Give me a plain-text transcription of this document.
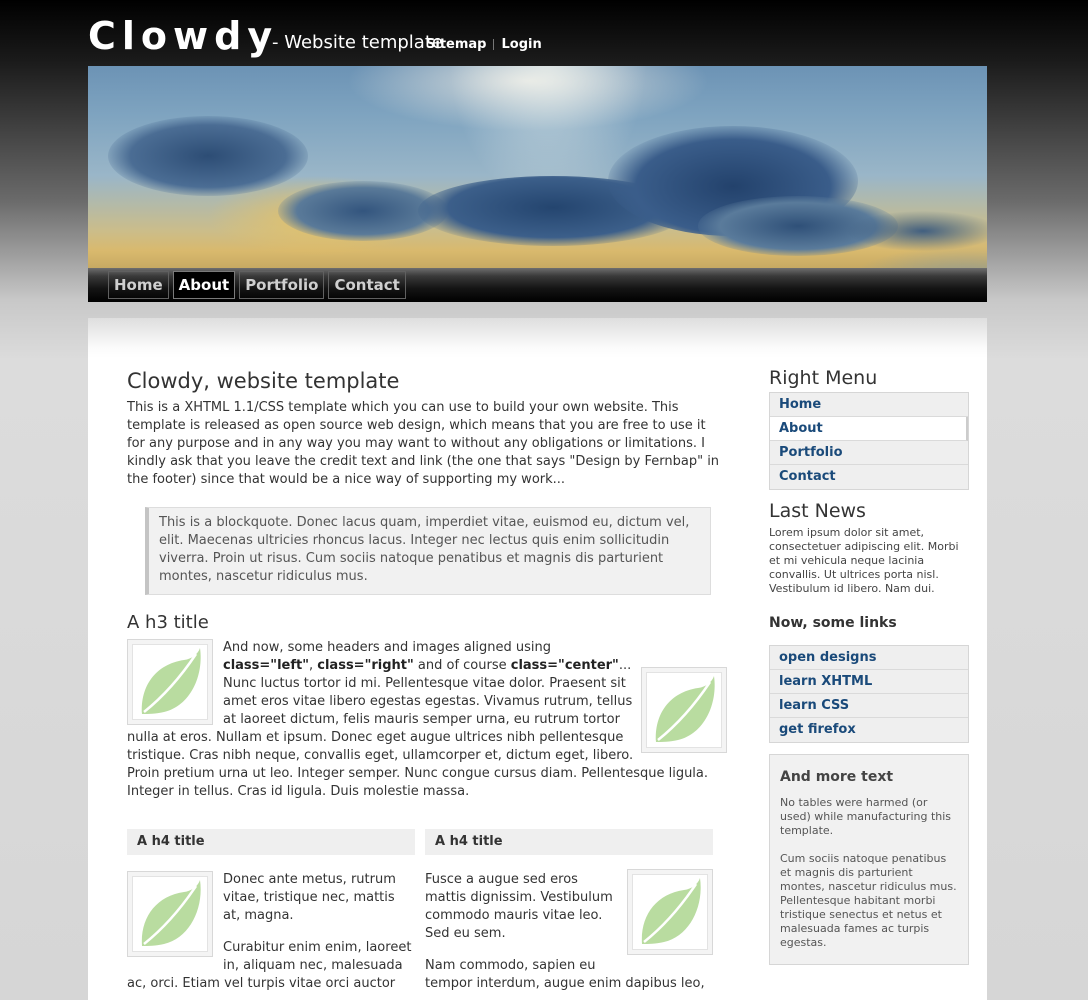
Clowdy
- Website template
Sitemap Login
Home	About	Portfolio	Contact
Clowdy, website template

This is a XHTML 1.1/CSS template which you can use to build your own website. This template is released as open source web design, which means that you are free to use it for any purpose and in any way you may want to without any obligations or limitations. I kindly ask that you leave the credit text and link (the one that says "Design by Fernbap" in the footer) since that would be a nice way of supporting my work...

This is a blockquote. Donec lacus quam, imperdiet vitae, euismod eu, dictum vel, elit. Maecenas ultricies rhoncus lacus. Integer nec lectus quis enim sollicitudin viverra. Proin ut risus. Cum sociis natoque penatibus et magnis dis parturient montes, nascetur ridiculus mus.
A h3 title
And now, some headers and images aligned using class="left", class="right" and of course class="center"... Nunc luctus tortor id mi. Pellentesque vitae dolor. Praesent sit amet eros vitae libero egestas egestas. Vivamus rutrum, tellus at laoreet dictum, felis mauris semper urna, eu rutrum tortor nulla at eros. Nullam et ipsum. Donec eget augue ultrices nibh pellentesque tristique. Cras nibh neque, convallis eget, ullamcorper et, dictum eget, libero. Proin pretium urna ut leo. Integer semper. Nunc congue cursus diam. Pellentesque ligula. Integer in tellus. Cras id ligula. Duis molestie massa.
A h4 title

Donec ante metus, rutrum vitae, tristique nec, mattis at, magna.

Curabitur enim enim, laoreet in, aliquam nec, malesuada ac, orci. Etiam vel turpis vitae orci auctor

A h4 title

Fusce a augue sed eros mattis dignissim. Vestibulum commodo mauris vitae leo. Sed eu sem.

Nam commodo, sapien eu tempor interdum, augue enim dapibus leo,

Right Menu
Home
About
Portfolio
Contact
Last News

Lorem ipsum dolor sit amet, consectetuer adipiscing elit. Morbi et mi vehicula neque lacinia convallis. Ut ultrices porta nisl. Vestibulum id libero. Nam dui.

Now, some links
open designs
learn XHTML
learn CSS
get firefox
And more text

No tables were harmed (or used) while manufacturing this template.

Cum sociis natoque penatibus et magnis dis parturient montes, nascetur ridiculus mus. Pellentesque habitant morbi tristique senectus et netus et malesuada fames ac turpis egestas.
